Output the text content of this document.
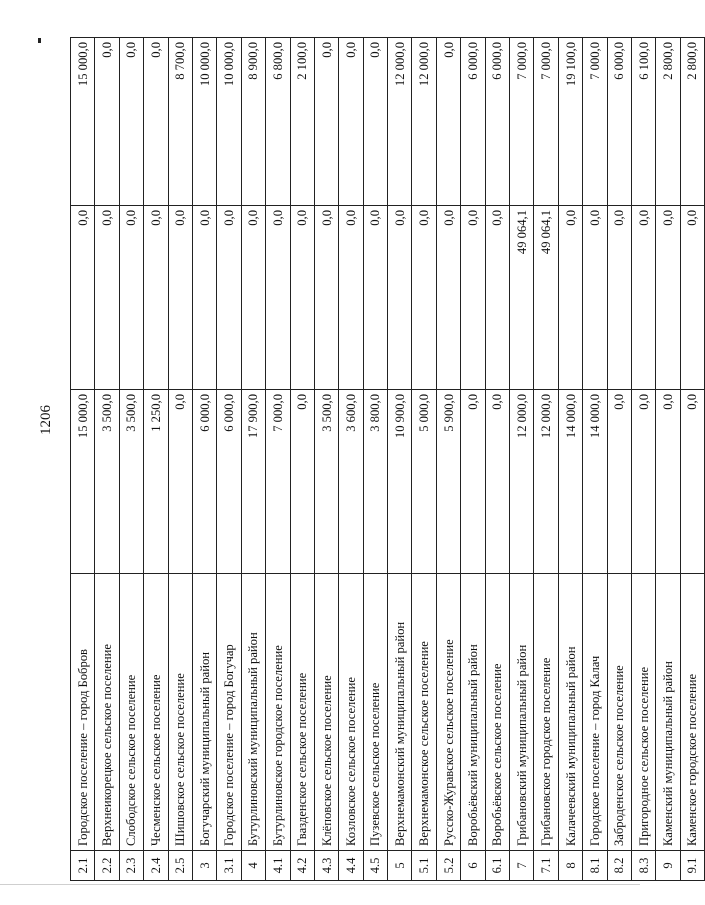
1206
2.1	Городское поселение – город Бобров	15 000,0	0,0	15 000,0
2.2	Верхнеикорецкое сельское поселение	3 500,0	0,0	0,0
2.3	Слободское сельское поселение	3 500,0	0,0	0,0
2.4	Чесменское сельское поселение	1 250,0	0,0	0,0
2.5	Шишовское сельское поселение	0,0	0,0	8 700,0
3	Богучарский муниципальный район	6 000,0	0,0	10 000,0
3.1	Городское поселение – город Богучар	6 000,0	0,0	10 000,0
4	Бутурлиновский муниципальный район	17 900,0	0,0	8 900,0
4.1	Бутурлиновское городское поселение	7 000,0	0,0	6 800,0
4.2	Гвазденское сельское поселение	0,0	0,0	2 100,0
4.3	Клёповское сельское поселение	3 500,0	0,0	0,0
4.4	Козловское сельское поселение	3 600,0	0,0	0,0
4.5	Пузевское сельское поселение	3 800,0	0,0	0,0
5	Верхнемамонский муниципальный район	10 900,0	0,0	12 000,0
5.1	Верхнемамонское сельское поселение	5 000,0	0,0	12 000,0
5.2	Русско-Журавское сельское поселение	5 900,0	0,0	0,0
6	Воробьёвский муниципальный район	0,0	0,0	6 000,0
6.1	Воробьёвское сельское поселение	0,0	0,0	6 000,0
7	Грибановский муниципальный район	12 000,0	49 064,1	7 000,0
7.1	Грибановское городское поселение	12 000,0	49 064,1	7 000,0
8	Калачеевский муниципальный район	14 000,0	0,0	19 100,0
8.1	Городское поселение – город Калач	14 000,0	0,0	7 000,0
8.2	Заброденское сельское поселение	0,0	0,0	6 000,0
8.3	Пригородное сельское поселение	0,0	0,0	6 100,0
9	Каменский муниципальный район	0,0	0,0	2 800,0
9.1	Каменское городское поселение	0,0	0,0	2 800,0
